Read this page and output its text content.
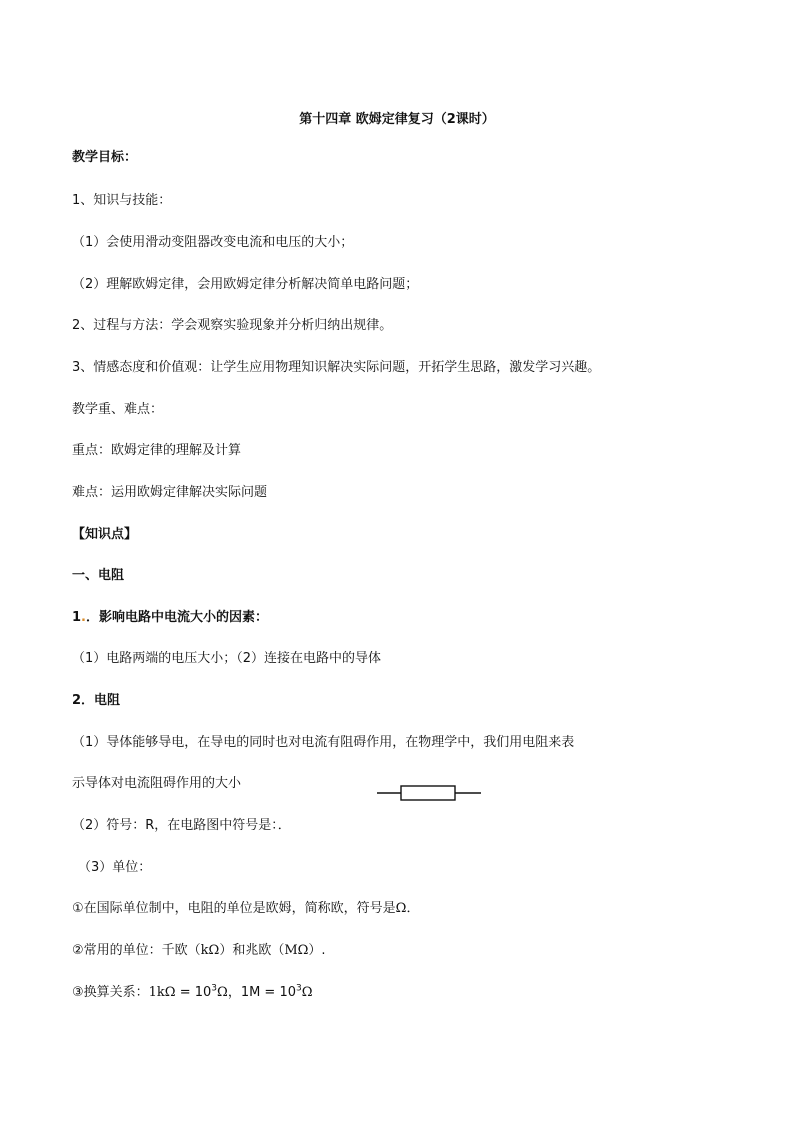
第十四章 欧姆定律复习（2课时）
教学目标：
1、知识与技能：
（1）会使用滑动变阻器改变电流和电压的大小；
（2）理解欧姆定律，会用欧姆定律分析解决简单电路问题；
2、过程与方法：学会观察实验现象并分析归纳出规律。
3、情感态度和价值观：让学生应用物理知识解决实际问题，开拓学生思路，激发学习兴趣。
教学重、难点：
重点：欧姆定律的理解及计算
难点：运用欧姆定律解决实际问题
【知识点】
一、电阻
1.．影响电路中电流大小的因素：
（1）电路两端的电压大小；（2）连接在电路中的导体
2．电阻
（1）导体能够导电，在导电的同时也对电流有阻碍作用，在物理学中，我们用电阻来表
示导体对电流阻碍作用的大小
（2）符号：R，在电路图中符号是：．
（3）单位：
①在国际单位制中，电阻的单位是欧姆，简称欧，符号是Ω．
②常用的单位：千欧（kΩ）和兆欧（MΩ）.
③换算关系：$1k\Omega = 10^3\Omega$，$1M = 10^3\Omega$
